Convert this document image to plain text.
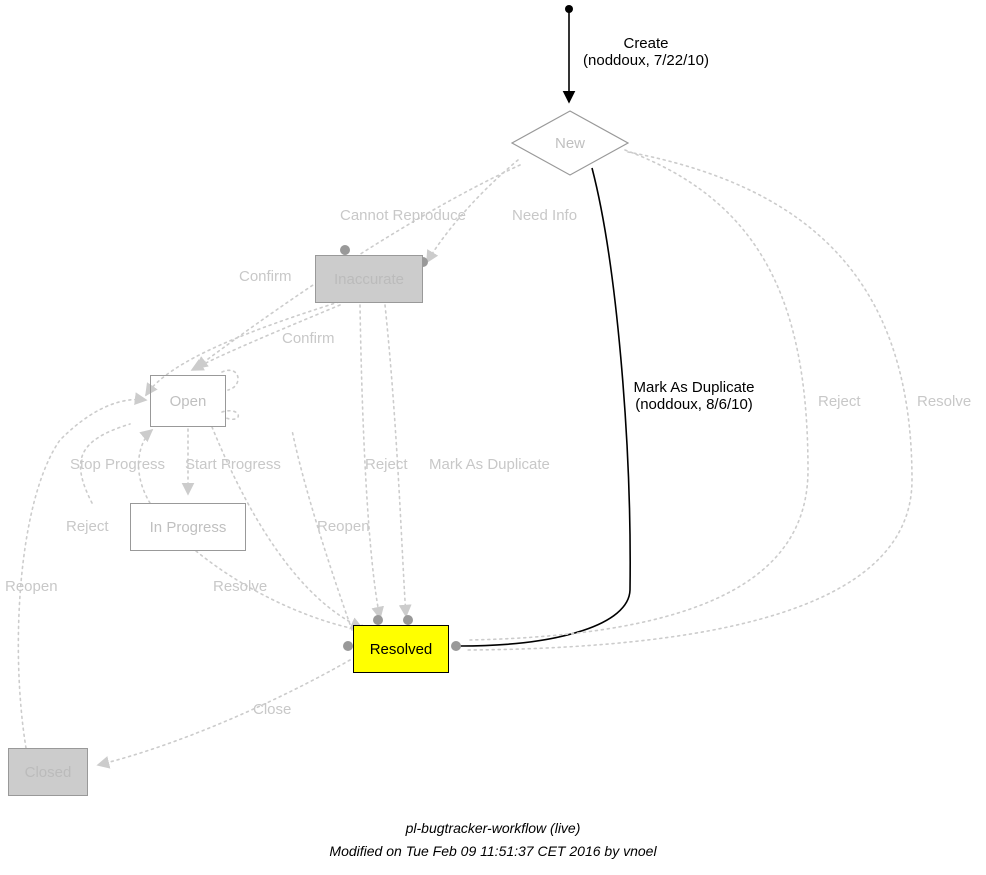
New
Inaccurate
Open
In Progress
Resolved
Closed
Create
(noddoux, 7/22/10)
Cannot Reproduce	Need Info
Confirm
Confirm
Mark As Duplicate
(noddoux, 8/6/10)	Reject	Resolve
Stop Progress Start Progress	Reject Mark As Duplicate
Reject	Reopen
Reopen	Resolve
Close
pl-bugtracker-workflow (live)
Modified on Tue Feb 09 11:51:37 CET 2016 by vnoel
